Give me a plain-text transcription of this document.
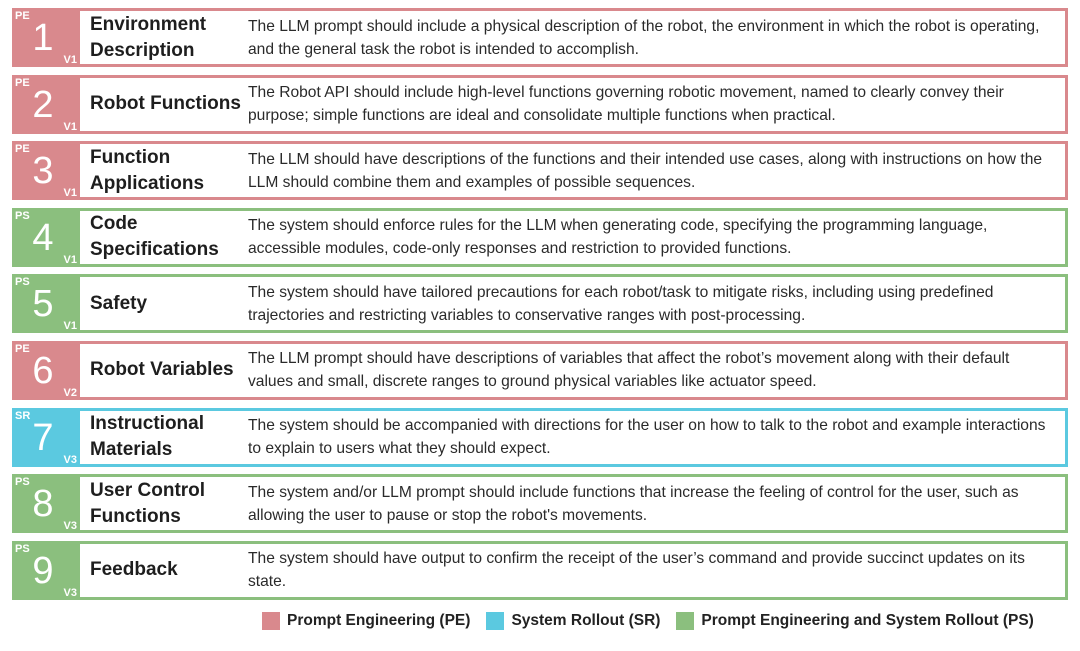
PE
1
V1
Environment Description
The LLM prompt should include a physical description of the robot, the environment in which the robot is operating, and the general task the robot is intended to accomplish.
PE
2
V1
Robot Functions
The Robot API should include high-level functions governing robotic movement, named to clearly convey their purpose; simple functions are ideal and consolidate multiple functions when practical.
PE
3
V1
Function Applications
The LLM should have descriptions of the functions and their intended use cases, along with instructions on how the LLM should combine them and examples of possible sequences.
PS
4
V1
Code Specifications
The system should enforce rules for the LLM when generating code, specifying the programming language, accessible modules, code-only responses and restriction to provided functions.
PS
5
V1
Safety
The system should have tailored precautions for each robot/task to mitigate risks, including using predefined trajectories and restricting variables to conservative ranges with post-processing.
PE
6
V2
Robot Variables
The LLM prompt should have descriptions of variables that affect the robot’s movement along with their default values and small, discrete ranges to ground physical variables like actuator speed.
SR
7
V3
Instructional Materials
The system should be accompanied with directions for the user on how to talk to the robot and example interactions to explain to users what they should expect.
PS
8
V3
User Control Functions
The system and/or LLM prompt should include functions that increase the feeling of control for the user, such as allowing the user to pause or stop the robot's movements.
PS
9
V3
Feedback
The system should have output to confirm the receipt of the user’s command and provide succinct updates on its state.
Prompt Engineering (PE)	System Rollout (SR)	Prompt Engineering and System Rollout (PS)
